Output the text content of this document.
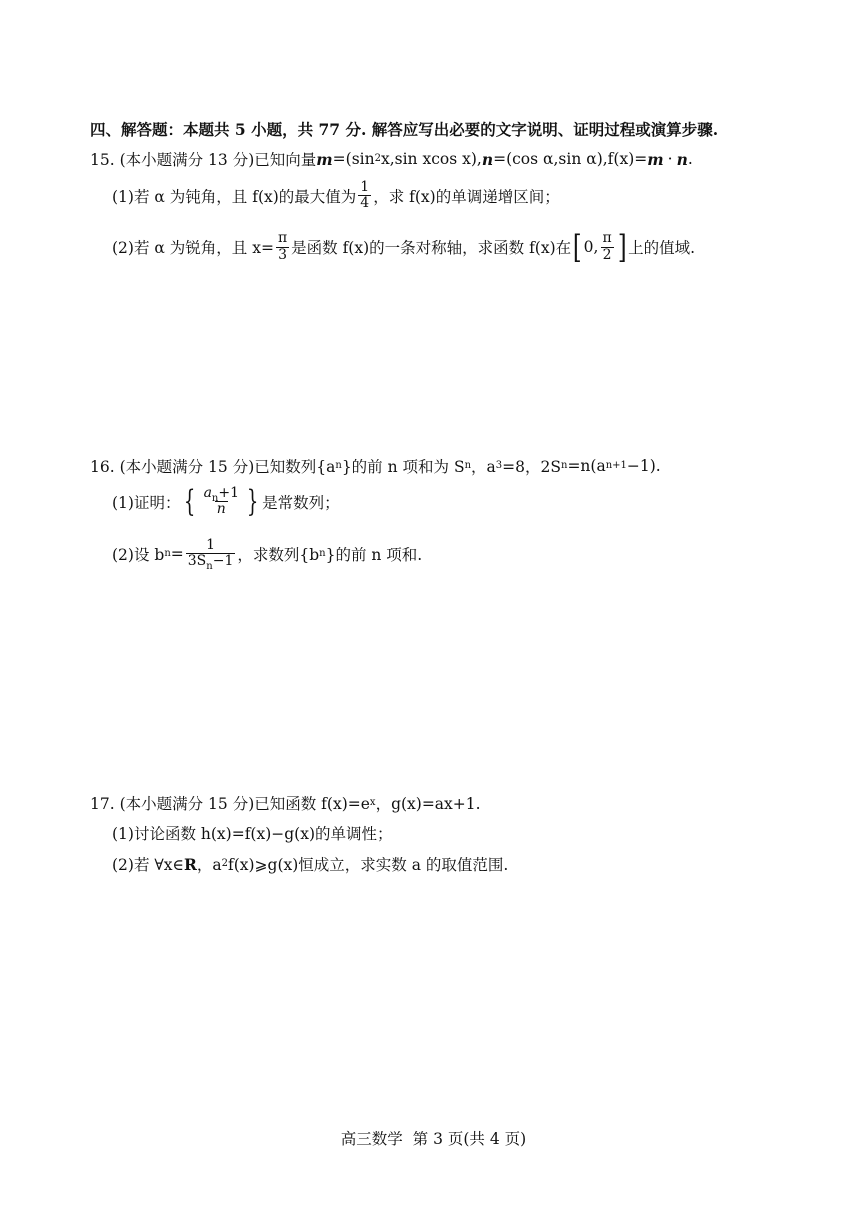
四、解答题：本题共 5 小题，共 77 分. 解答应写出必要的文字说明、证明过程或演算步骤.
15. (本小题满分 13 分)已知向量 m =(sin 2 x,sin xcos x), n =(cos α,sin α),f(x)= m · n .
(1)若 α 为钝角，且 f(x)的最大值为 $\frac{1}{4}$ ，求 f(x)的单调递增区间；
(2)若 α 为锐角，且 $x= \frac{\pi}{3}$ 是函数 f(x)的一条对称轴，求函数 f(x)在 [ 0, $\frac{\pi}{2}$ ] 上的值域.
16. (本小题满分 15 分)已知数列{a n }的前 n 项和为 S n ，a 3 =8，2S n =n(a n+1 −1).
(1)证明： { $\frac{a_n+1}{n}$ } 是常数列；
(2)设 b $n = \frac{1}{3S_n-1}$ ，求数列{b n }的前 n 项和.
17. (本小题满分 15 分)已知函数 f(x)=e x ，g(x)=ax+1.
(1)讨论函数 h(x)=f(x)−g(x)的单调性；
(2)若 ∀x∈ R ，a 2 f(x)⩾g(x)恒成立，求实数 a 的取值范围.
高三数学  第 3 页(共 4 页)
